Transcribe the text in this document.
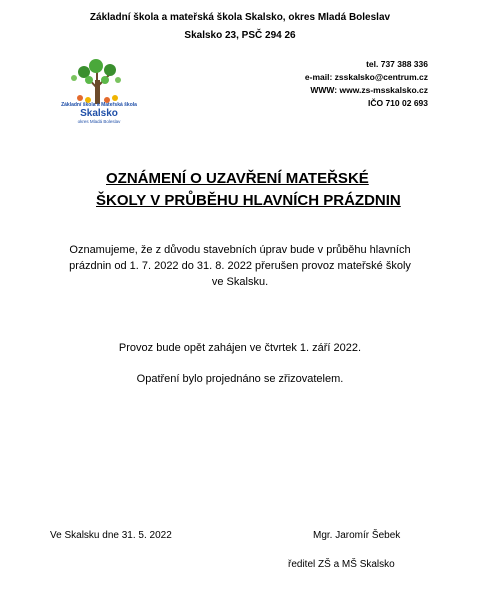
Základní škola a mateřská škola Skalsko, okres Mladá Boleslav
Skalsko 23, PSČ 294 26
tel. 737 388 336
e-mail: zsskalsko@centrum.cz
WWW: www.zs-msskalsko.cz
IČO 710 02 693
Základní škola a Mateřská škola
Skalsko
okres Mladá Boleslav
OZNÁMENÍ O UZAVŘENÍ MATEŘSKÉ
ŠKOLY V PRŮBĚHU HLAVNÍCH PRÁZDNIN
Oznamujeme, že z důvodu stavebních úprav bude v průběhu hlavních
prázdnin od 1. 7. 2022 do 31. 8. 2022 přerušen provoz mateřské školy
ve Skalsku.
Provoz bude opět zahájen ve čtvrtek 1. září 2022.
Opatření bylo projednáno se zřizovatelem.
Ve Skalsku dne 31. 5. 2022	Mgr. Jaromír Šebek
ředitel ZŠ a MŠ Skalsko
